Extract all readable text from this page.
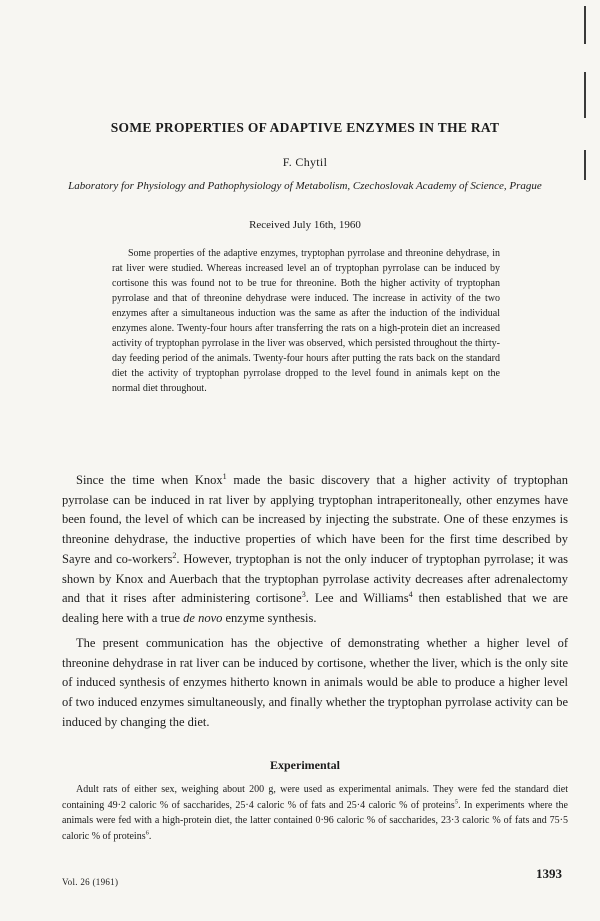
SOME PROPERTIES OF ADAPTIVE ENZYMES IN THE RAT
F. Chytil
Laboratory for Physiology and Pathophysiology of Metabolism, Czechoslovak Academy of Science, Prague
Received July 16th, 1960

Some properties of the adaptive enzymes, tryptophan pyrrolase and threonine dehydrase, in rat liver were studied. Whereas increased level an of tryptophan pyrrolase can be induced by cortisone this was found not to be true for threonine. Both the higher activity of tryptophan pyrrolase and that of threonine dehydrase were induced. The increase in activity of the two enzymes after a simultaneous induction was the same as after the induction of the individual enzymes alone. Twenty-four hours after transferring the rats on a high-protein diet an increased activity of tryptophan pyrrolase in the liver was observed, which persisted throughout the thirty-day feeding period of the animals. Twenty-four hours after putting the rats back on the standard diet the activity of tryptophan pyrrolase dropped to the level found in animals kept on the normal diet throughout.

Since the time when Knox$^1$ made the basic discovery that a higher activity of tryptophan pyrrolase can be induced in rat liver by applying tryptophan intraperitoneally, other enzymes have been found, the level of which can be increased by injecting the substrate. One of these enzymes is threonine dehydrase, the inductive properties of which have been for the first time described by Sayre and co-workers$^2$. However, tryptophan is not the only inducer of tryptophan pyrrolase; it was shown by Knox and Auerbach that the tryptophan pyrrolase activity decreases after adrenalectomy and that it rises after administering cortisone$^3$. Lee and Williams$^4$ then established that we are dealing here with a true de novo enzyme synthesis.

The present communication has the objective of demonstrating whether a higher level of threonine dehydrase in rat liver can be induced by cortisone, whether the liver, which is the only site of induced synthesis of enzymes hitherto known in animals would be able to produce a higher level of two induced enzymes simultaneously, and finally whether the tryptophan pyrrolase activity can be induced by changing the diet.

Experimental

Adult rats of either sex, weighing about 200 g, were used as experimental animals. They were fed the standard diet containing 49·2 caloric % of saccharides, 25·4 caloric % of fats and 25·4 caloric % of proteins$^5$. In experiments where the animals were fed with a high-protein diet, the latter contained 0·96 caloric % of saccharides, 23·3 caloric % of fats and 75·5 caloric % of proteins$^6$.

Vol. 26 (1961)
1393
